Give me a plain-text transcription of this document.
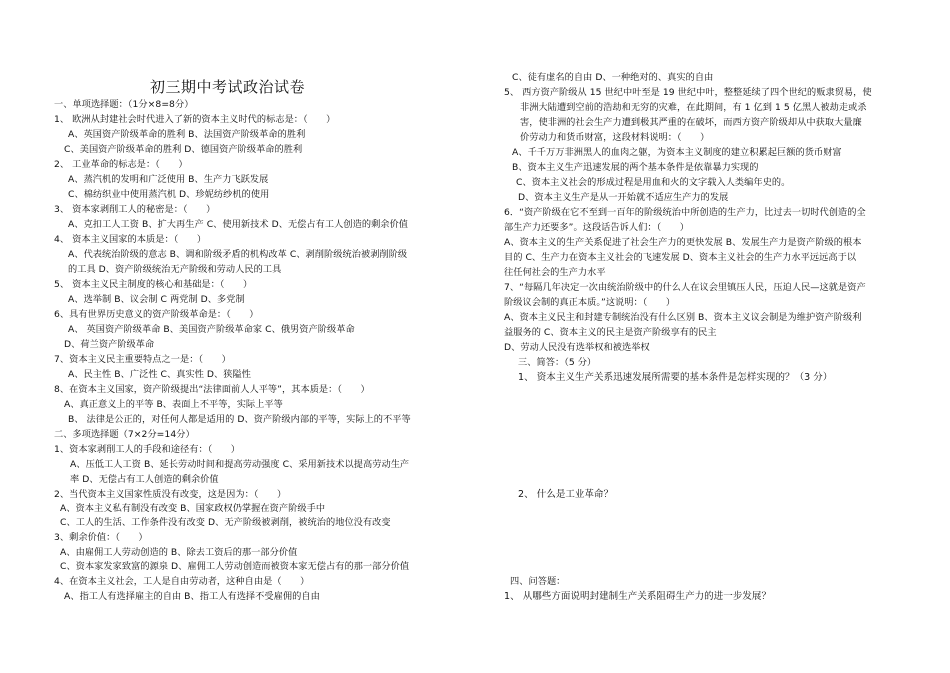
初三期中考试政治试卷
一、单项选择题：（1分×8=8分）
1、 欧洲从封建社会时代进入了新的资本主义时代的标志是：（　　）
A、英国资产阶级革命的胜利 B、法国资产阶级革命的胜利
C、美国资产阶级革命的胜利 D、德国资产阶级革命的胜利
2、 工业革命的标志是：（　　）
A、蒸汽机的发明和广泛使用 B、生产力飞跃发展
C、棉纺织业中使用蒸汽机 D、珍妮纺纱机的使用
3、 资本家剥削工人的秘密是：（　　）
A、克扣工人工资 B、扩大再生产 C、使用新技术 D、无偿占有工人创造的剩余价值
4、 资本主义国家的本质是：（　　）
A、代表统治阶级的意志 B、调和阶级矛盾的机构改革 C、剥削阶级统治被剥削阶级
的工具 D、资产阶级统治无产阶级和劳动人民的工具
5、 资本主义民主制度的核心和基础是：（　　）
A、选举制 B、议会制 C 两党制 D、多党制
6、具有世界历史意义的资产阶级革命是：（　　）
A、 英国资产阶级革命 B、美国资产阶级革命家 C、俄男资产阶级革命
D、荷兰资产阶级革命
7、资本主义民主重要特点之一是：（　　）
A、民主性 B、广泛性 C、真实性 D、狭隘性
8、在资本主义国家，资产阶级提出“法律面前人人平等”，其本质是：（　　）
A、真正意义上的平等 B、表面上不平等，实际上平等
B、 法律是公正的，对任何人都是适用的 D、资产阶级内部的平等，实际上的不平等
二、多项选择题（7×2分=14分）
1、资本家剥削工人的手段和途径有：（　　）
A、压低工人工资 B、延长劳动时间和提高劳动强度 C、采用新技术以提高劳动生产
率 D、无偿占有工人创造的剩余价值
2、当代资本主义国家性质没有改变，这是因为：（　　）
A、资本主义私有制没有改变 B、国家政权仍掌握在资产阶级手中
C、工人的生活、工作条件没有改变 D、无产阶级被剥削，被统治的地位没有改变
3、剩余价值：（　　）
A、由雇佣工人劳动创造的 B、除去工资后的那一部分价值
C、资本家发家致富的源泉 D、雇佣工人劳动创造而被资本家无偿占有的那一部分价值
4、在资本主义社会，工人是自由劳动者，这种自由是（　　）
A、指工人有选择雇主的自由 B、指工人有选择不受雇佣的自由
C、徒有虚名的自由 D、一种绝对的、真实的自由
5、 西方资产阶级从 15 世纪中叶至是 19 世纪中叶，整整延续了四个世纪的贩隶贸易，使
非洲大陆遭到空前的浩劫和无穷的灾难，在此期间，有 1 亿到 1 5 亿黑人被劫走或杀
害，使非洲的社会生产力遭到极其严重的在破坏，而西方资产阶级却从中获取大量廉
价劳动力和货币财富，这段材料说明：（　　）
A、千千万万非洲黑人的血肉之躯，为资本主义制度的建立积累起巨额的货币财富
B、资本主义生产迅速发展的两个基本条件是依靠暴力实现的
C、资本主义社会的形成过程是用血和火的文字载入人类编年史的。
D、资本主义生产是从一开始就不适应生产力的发展
6．“资产阶级在它不至到一百年的阶级统治中所创造的生产力，比过去一切时代创造的全
部生产力还要多”。这段话告诉人们：（　　）
A、资本主义的生产关系促进了社会生产力的更快发展 B、发展生产力是资产阶级的根本
目的 C、生产力在资本主义社会的飞速发展 D、资本主义社会的生产力水平远远高于以
往任何社会的生产力水平
7、“每隔几年决定一次由统治阶级中的什么人在议会里镇压人民，压迫人民—这就是资产
阶级议会制的真正本质。”这说明：（　　）
A、资本主义民主和封建专制统治没有什么区别 B、资本主义议会制是为维护资产阶级利
益服务的 C、资本主义的民主是资产阶级享有的民主
D、劳动人民没有选举权和被选举权
三、简答：（5 分）
1、 资本主义生产关系迅速发展所需要的基本条件是怎样实现的？（3 分）
2、 什么是工业革命？
四、问答题：
1、 从哪些方面说明封建制生产关系阻碍生产力的进一步发展？
